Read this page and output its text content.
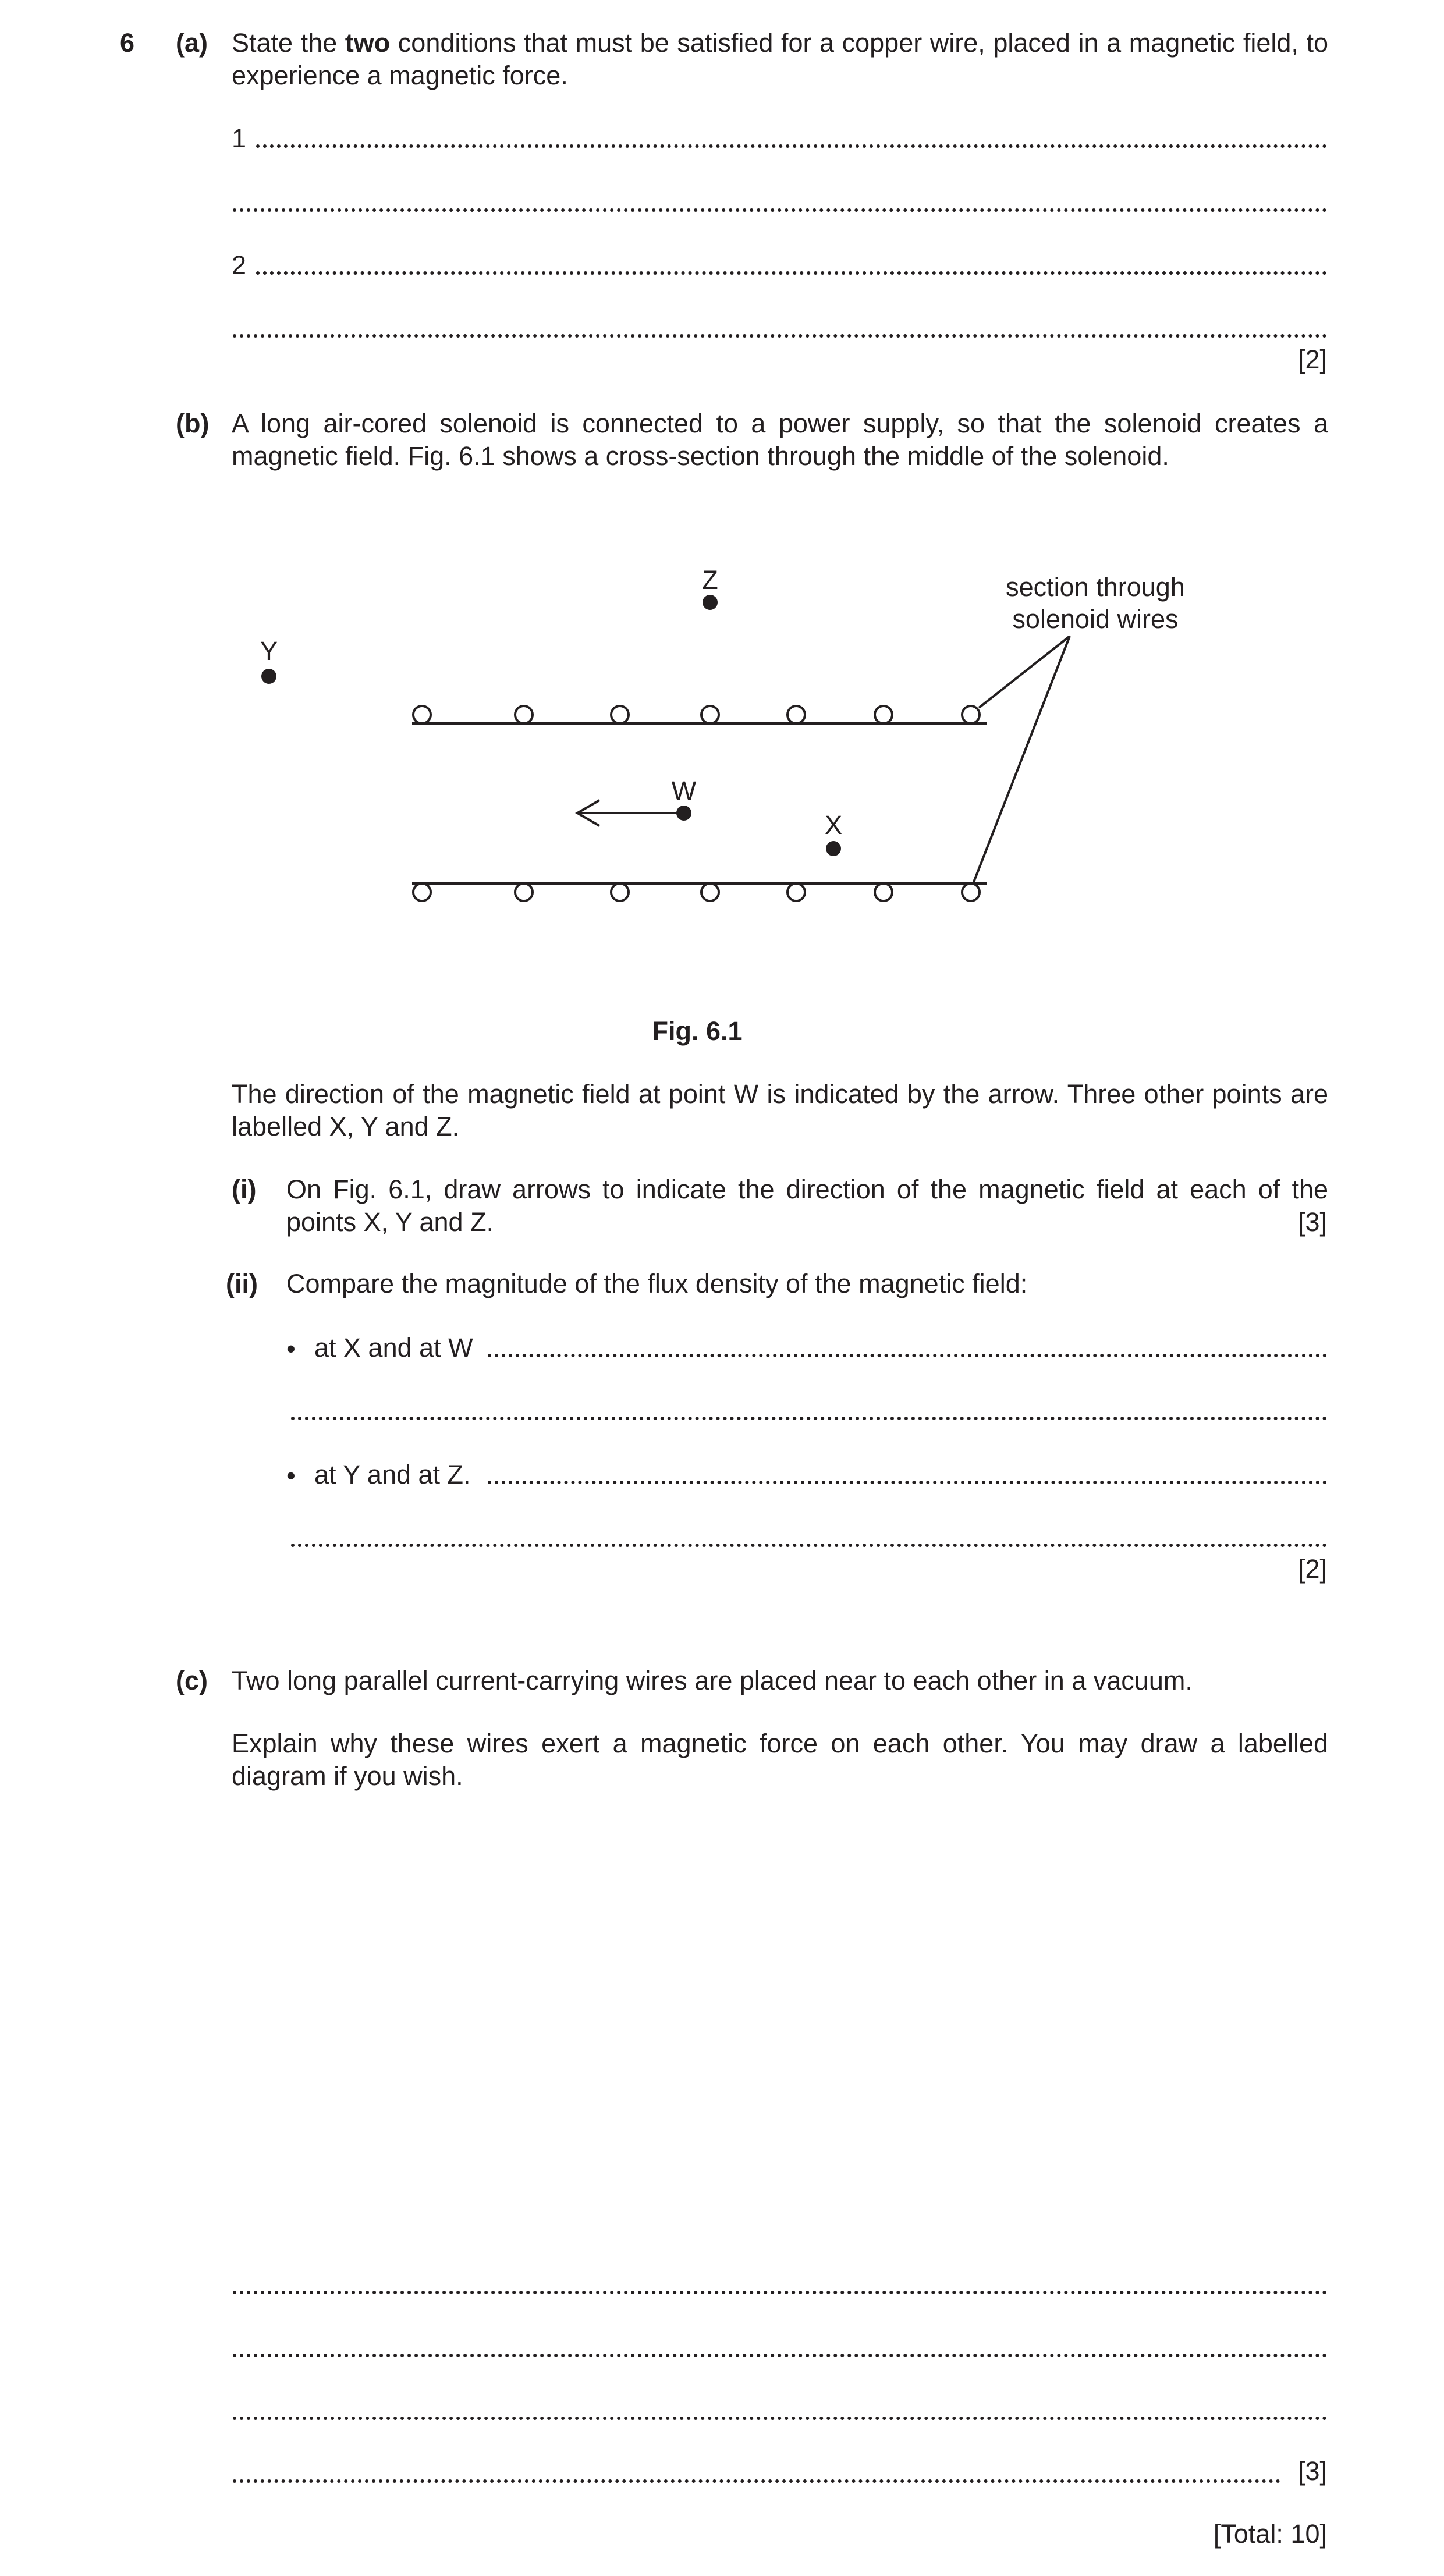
6 (a) State the two conditions that must be satisfied for a copper wire, placed in a magnetic field, to experience a magnetic force.
1
2
[2]
(b) A long air-cored solenoid is connected to a power supply, so that the solenoid creates a magnetic field. Fig. 6.1 shows a cross-section through the middle of the solenoid.
Z
Y
W
X
section through
solenoid wires
Fig. 6.1
The direction of the magnetic field at point W is indicated by the arrow. Three other points are labelled X, Y and Z.
(i) On Fig. 6.1, draw arrows to indicate the direction of the magnetic field at each of the points X, Y and Z.	[3]
(ii) Compare the magnitude of the flux density of the magnetic field:
• at X and at W
• at Y and at Z.
[2]
(c) Two long parallel current-carrying wires are placed near to each other in a vacuum.
Explain why these wires exert a magnetic force on each other. You may draw a labelled diagram if you wish.
[3]
[Total: 10]
